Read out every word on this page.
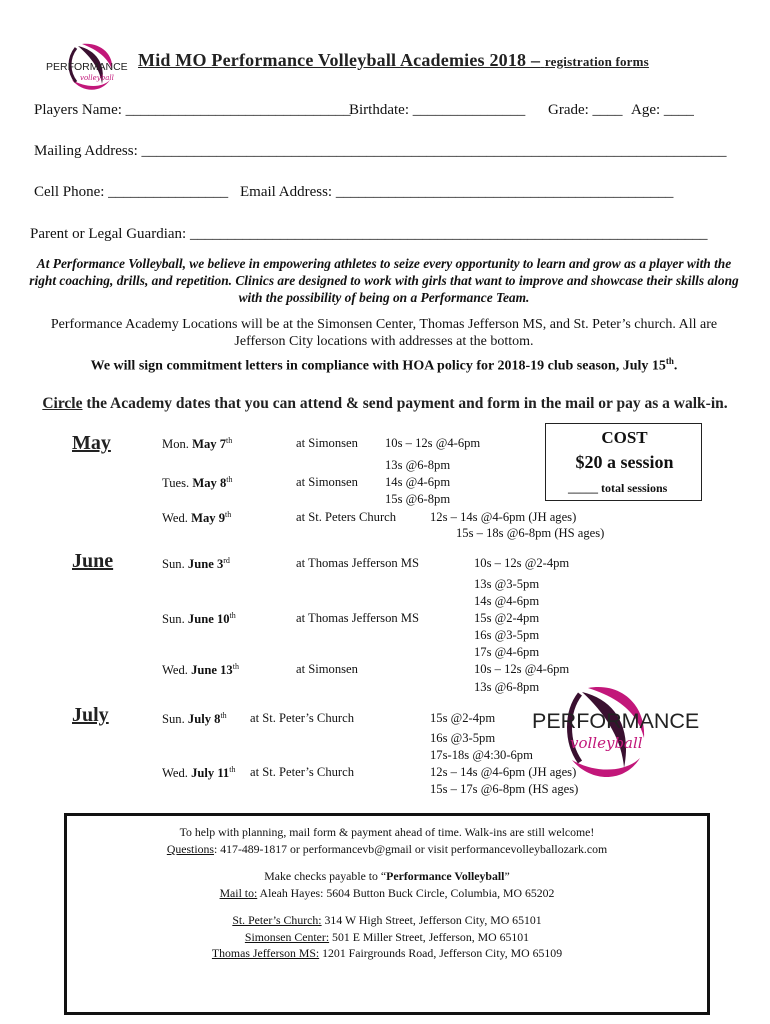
PERFORMANCE
volleyball
Mid MO Performance Volleyball Academies 2018 – registration forms
Players Name: ______________________________
Birthdate: _______________ Grade: ____ Age: ____
Mailing Address: ______________________________________________________________________________
Cell Phone: ________________ Email Address: _____________________________________________
Parent or Legal Guardian: _____________________________________________________________________
At Performance Volleyball, we believe in empowering athletes to seize every opportunity to learn and grow as a player with the right coaching, drills, and repetition. Clinics are designed to work with girls that want to improve and showcase their skills along with the possibility of being on a Performance Team.
Performance Academy Locations will be at the Simonsen Center, Thomas Jefferson MS, and St. Peter’s church. All are Jefferson City locations with addresses at the bottom.
We will sign commitment letters in compliance with HOA policy for 2018-19 club season, July 15th.
Circle the Academy dates that you can attend & send payment and form in the mail or pay as a walk-in.
COST
$20 a session
_____ total sessions
May
June
July
Mon. May 7th	at Simonsen 10s – 12s @4-6pm
13s @6-8pm
Tues. May 8th	at Simonsen 14s @4-6pm
15s @6-8pm
Wed. May 9th	at St. Peters Church	12s – 14s @4-6pm (JH ages)
15s – 18s @6-8pm (HS ages)
Sun. June 3rd	at Thomas Jefferson MS	10s – 12s @2-4pm
13s @3-5pm
14s @4-6pm
Sun. June 10th	at Thomas Jefferson MS	15s @2-4pm
16s @3-5pm
17s @4-6pm
Wed. June 13th	at Simonsen	10s – 12s @4-6pm
13s @6-8pm
Sun. July 8th at St. Peter’s Church	15s @2-4pm
16s @3-5pm
17s-18s @4:30-6pm
Wed. July 11th at St. Peter’s Church	12s – 14s @4-6pm (JH ages)
15s – 17s @6-8pm (HS ages)
PERFORMANCE
volleyball
To help with planning, mail form & payment ahead of time. Walk-ins are still welcome!
Questions: 417-489-1817 or performancevb@gmail or visit performancevolleyballozark.com
Make checks payable to “Performance Volleyball”
Mail to: Aleah Hayes: 5604 Button Buck Circle, Columbia, MO 65202
St. Peter’s Church: 314 W High Street, Jefferson City, MO 65101
Simonsen Center: 501 E Miller Street, Jefferson, MO 65101
Thomas Jefferson MS: 1201 Fairgrounds Road, Jefferson City, MO 65109
